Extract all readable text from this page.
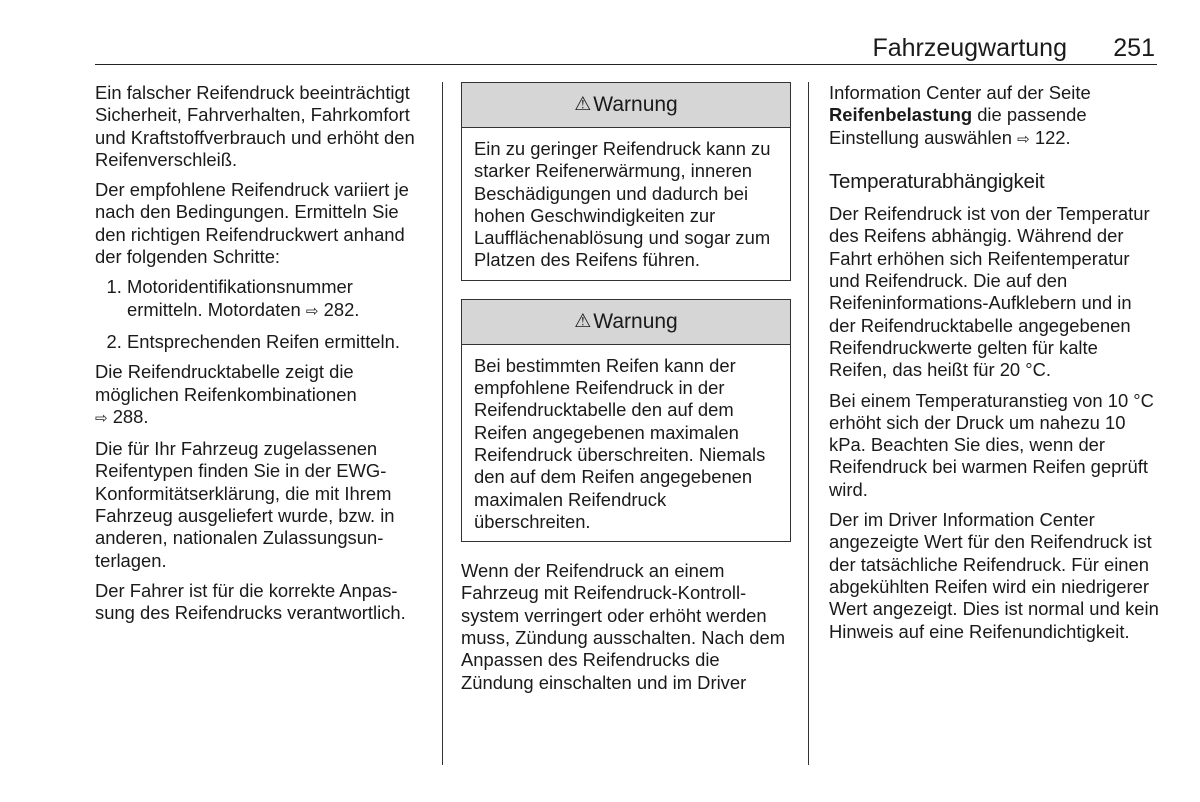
Fahrzeugwartung 251

Ein falscher Reifendruck beeinträchtigt Sicherheit, Fahrverhalten, Fahrkomfort und Kraftstoffverbrauch und erhöht den Reifenverschleiß.

Der empfohlene Reifendruck variiert je nach den Bedingungen. Ermitteln Sie den richtigen Reifendruckwert anhand der folgenden Schritte:

1. Motoridentifikationsnummer ermitteln. Motordaten ⇨ 282.
2. Entsprechenden Reifen ermitteln.

Die Reifendrucktabelle zeigt die möglichen Reifenkombinationen
⇨ 288.

Die für Ihr Fahrzeug zugelassenen Reifentypen finden Sie in der EWG-Konformitätserklärung, die mit Ihrem Fahrzeug ausgeliefert wurde, bzw. in anderen, nationalen Zulassungsunterlagen.

Der Fahrer ist für die korrekte Anpassung des Reifendrucks verantwortlich.

⚠ Warnung
Ein zu geringer Reifendruck kann zu starker Reifenerwärmung, inneren Beschädigungen und dadurch bei hohen Geschwindigkeiten zur Laufflächenablösung und sogar zum Platzen des Reifens führen.
⚠ Warnung
Bei bestimmten Reifen kann der empfohlene Reifendruck in der Reifendrucktabelle den auf dem Reifen angegebenen maximalen Reifendruck überschreiten. Niemals den auf dem Reifen angegebenen maximalen Reifendruck überschreiten.

Wenn der Reifendruck an einem Fahrzeug mit Reifendruck-Kontrollsystem verringert oder erhöht werden muss, Zündung ausschalten. Nach dem Anpassen des Reifendrucks die Zündung einschalten und im Driver

Information Center auf der Seite
Reifenbelastung die passende Einstellung auswählen ⇨ 122.

Temperaturabhängigkeit

Der Reifendruck ist von der Temperatur des Reifens abhängig. Während der Fahrt erhöhen sich Reifentemperatur und Reifendruck. Die auf den Reifeninformations-Aufklebern und in der Reifendrucktabelle angegebenen Reifendruckwerte gelten für kalte Reifen, das heißt für 20 °C.

Bei einem Temperaturanstieg von 10 °C erhöht sich der Druck um nahezu 10 kPa. Beachten Sie dies, wenn der Reifendruck bei warmen Reifen geprüft wird.

Der im Driver Information Center angezeigte Wert für den Reifendruck ist der tatsächliche Reifendruck. Für einen abgekühlten Reifen wird ein niedrigerer Wert angezeigt. Dies ist normal und kein Hinweis auf eine Reifenundichtigkeit.
